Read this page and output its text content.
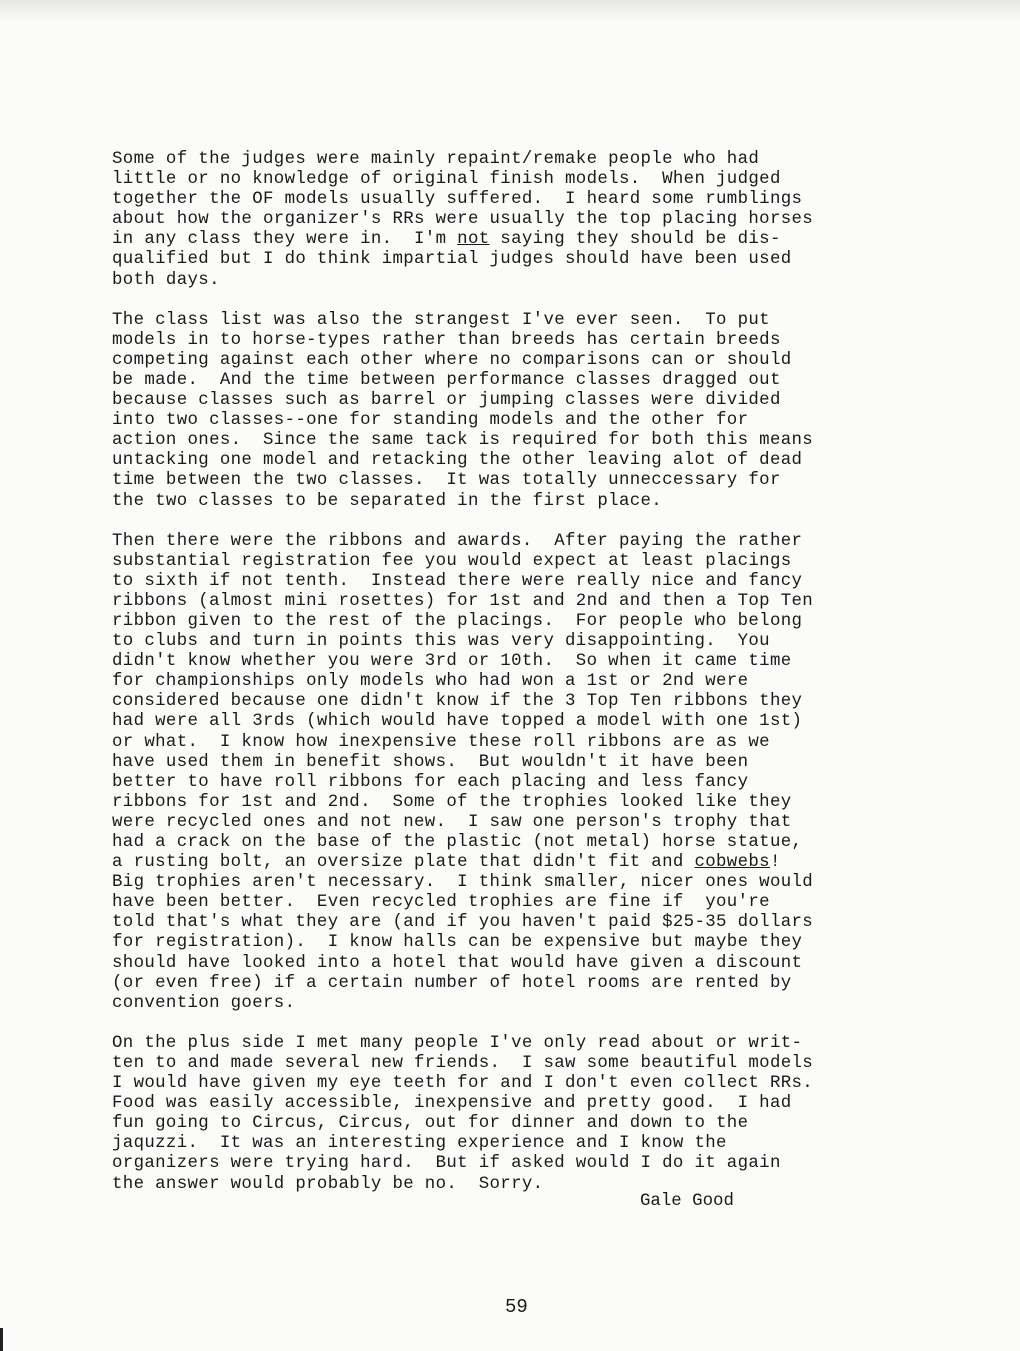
Some of the judges were mainly repaint/remake people who had
little or no knowledge of original finish models.  When judged
together the OF models usually suffered.  I heard some rumblings
about how the organizer's RRs were usually the top placing horses
in any class they were in.  I'm not saying they should be dis-
qualified but I do think impartial judges should have been used
both days.
The class list was also the strangest I've ever seen.  To put
models in to horse-types rather than breeds has certain breeds
competing against each other where no comparisons can or should
be made.  And the time between performance classes dragged out
because classes such as barrel or jumping classes were divided
into two classes--one for standing models and the other for
action ones.  Since the same tack is required for both this means
untacking one model and retacking the other leaving alot of dead
time between the two classes.  It was totally unneccessary for
the two classes to be separated in the first place.
Then there were the ribbons and awards.  After paying the rather
substantial registration fee you would expect at least placings
to sixth if not tenth.  Instead there were really nice and fancy
ribbons (almost mini rosettes) for 1st and 2nd and then a Top Ten
ribbon given to the rest of the placings.  For people who belong
to clubs and turn in points this was very disappointing.  You
didn't know whether you were 3rd or 10th.  So when it came time
for championships only models who had won a 1st or 2nd were
considered because one didn't know if the 3 Top Ten ribbons they
had were all 3rds (which would have topped a model with one 1st)
or what.  I know how inexpensive these roll ribbons are as we
have used them in benefit shows.  But wouldn't it have been
better to have roll ribbons for each placing and less fancy
ribbons for 1st and 2nd.  Some of the trophies looked like they
were recycled ones and not new.  I saw one person's trophy that
had a crack on the base of the plastic (not metal) horse statue,
a rusting bolt, an oversize plate that didn't fit and cobwebs!
Big trophies aren't necessary.  I think smaller, nicer ones would
have been better.  Even recycled trophies are fine if  you're
told that's what they are (and if you haven't paid $25-35 dollars
for registration).  I know halls can be expensive but maybe they
should have looked into a hotel that would have given a discount
(or even free) if a certain number of hotel rooms are rented by
convention goers.
On the plus side I met many people I've only read about or writ-
ten to and made several new friends.  I saw some beautiful models
I would have given my eye teeth for and I don't even collect RRs.
Food was easily accessible, inexpensive and pretty good.  I had
fun going to Circus, Circus, out for dinner and down to the
jaquzzi.  It was an interesting experience and I know the
organizers were trying hard.  But if asked would I do it again
the answer would probably be no.  Sorry.
Gale Good
59
